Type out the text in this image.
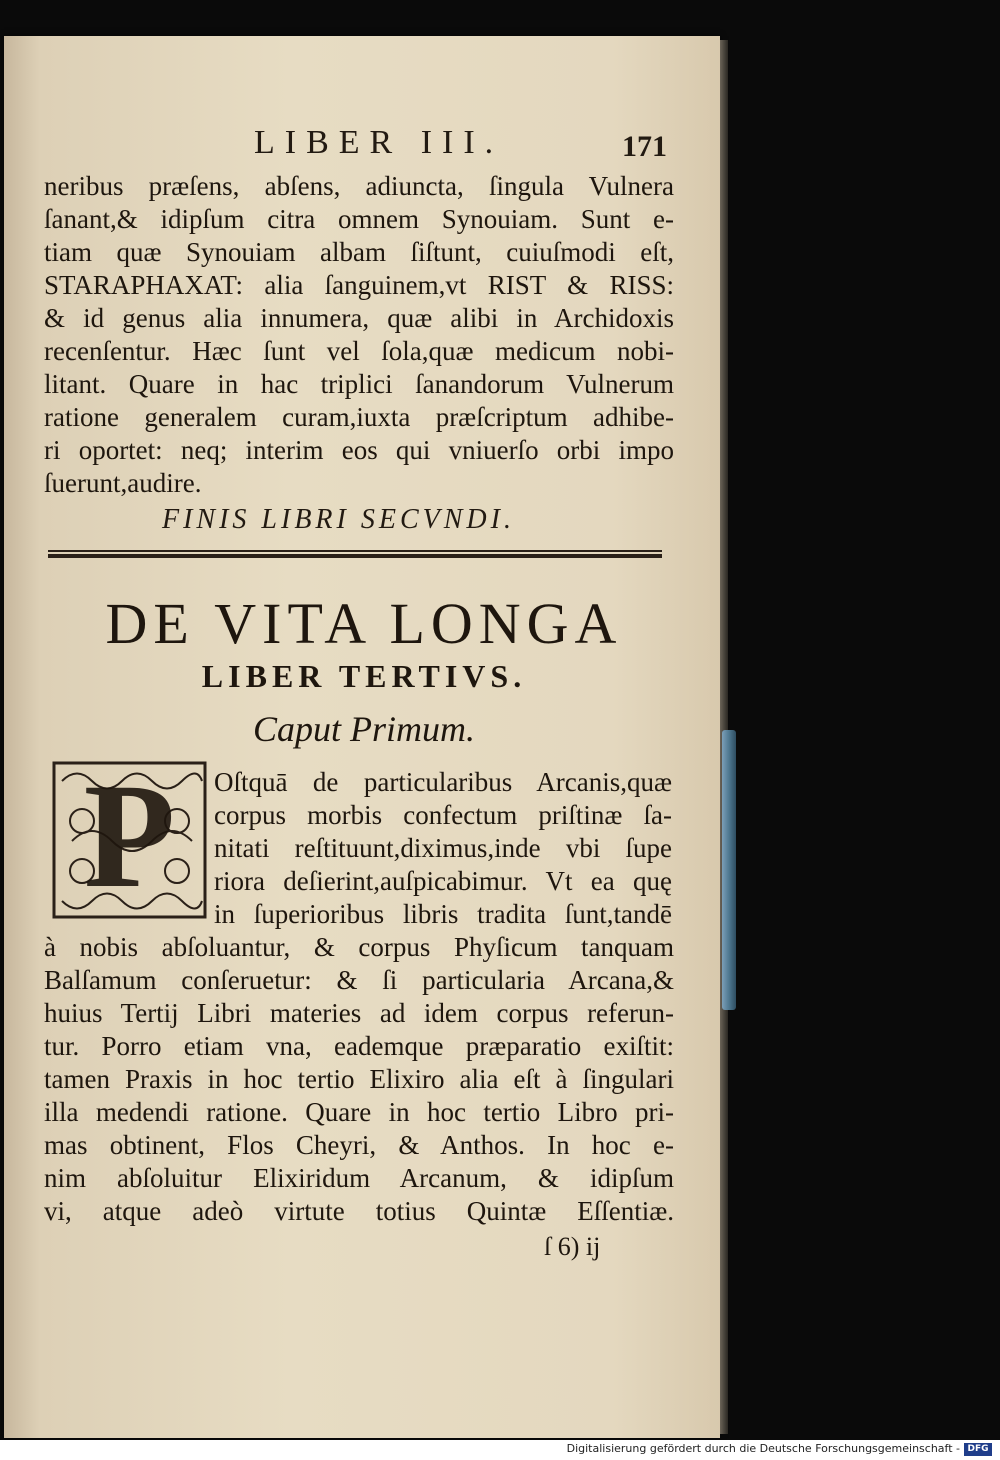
LIBER III.	171
neribus præſens, abſens, adiuncta, ſingula Vulnera
ſanant,& idipſum citra omnem Synouiam. Sunt e-
tiam quæ Synouiam albam ſiſtunt, cuiuſmodi eſt,
STARAPHAXAT: alia ſanguinem,vt RIST & RISS:
& id genus alia innumera, quæ alibi in Archidoxis
recenſentur. Hæc ſunt vel ſola,quæ medicum nobi-
litant. Quare in hac triplici ſanandorum Vulnerum
ratione generalem curam,iuxta præſcriptum adhibe-
ri oportet: neq; interim eos qui vniuerſo orbi impo
ſuerunt,audire.
FINIS LIBRI SECVNDI.
DE VITA LONGA
LIBER TERTIVS.
Caput Primum.
P	Oſtquā de particularibus Arcanis,quæ
corpus morbis confectum priſtinæ ſa-
nitati reſtituunt,diximus,inde vbi ſupe
riora deſierint,auſpicabimur. Vt ea quę
in ſuperioribus libris tradita ſunt,tandē
à nobis abſoluantur, & corpus Phyſicum tanquam
Balſamum conſeruetur: & ſi particularia Arcana,&
huius Tertij Libri materies ad idem corpus referun-
tur. Porro etiam vna, eademque præparatio exiſtit:
tamen Praxis in hoc tertio Elixiro alia eſt à ſingulari
illa medendi ratione. Quare in hoc tertio Libro pri-
mas obtinent, Flos Cheyri, & Anthos. In hoc e-
nim abſoluitur Elixiridum Arcanum, & idipſum
vi, atque adeò virtute totius Quintæ Eſſentiæ.
ſ 6) ij
Digitalisierung gefördert durch die Deutsche Forschungsgemeinschaft - DFG
